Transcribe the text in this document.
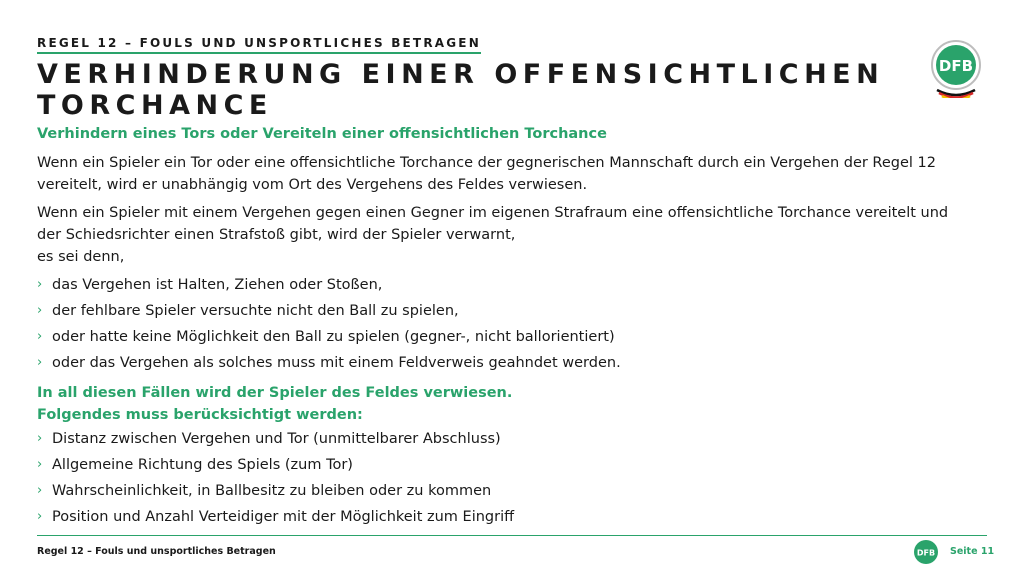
REGEL 12 – FOULS UND UNSPORTLICHES BETRAGEN
VERHINDERUNG EINER OFFENSICHTLICHEN
TORCHANCE
DFB
Verhindern eines Tors oder Vereiteln einer offensichtlichen Torchance
Wenn ein Spieler ein Tor oder eine offensichtliche Torchance der gegnerischen Mannschaft durch ein Vergehen der Regel 12
vereitelt, wird er unabhängig vom Ort des Vergehens des Feldes verwiesen.
Wenn ein Spieler mit einem Vergehen gegen einen Gegner im eigenen Strafraum eine offensichtliche Torchance vereitelt und
der Schiedsrichter einen Strafstoß gibt, wird der Spieler verwarnt,
es sei denn,
› das Vergehen ist Halten, Ziehen oder Stoßen,
› der fehlbare Spieler versuchte nicht den Ball zu spielen,
› oder hatte keine Möglichkeit den Ball zu spielen (gegner-, nicht ballorientiert)
› oder das Vergehen als solches muss mit einem Feldverweis geahndet werden.
In all diesen Fällen wird der Spieler des Feldes verwiesen.
Folgendes muss berücksichtigt werden:
› Distanz zwischen Vergehen und Tor (unmittelbarer Abschluss)
› Allgemeine Richtung des Spiels (zum Tor)
› Wahrscheinlichkeit, in Ballbesitz zu bleiben oder zu kommen
› Position und Anzahl Verteidiger mit der Möglichkeit zum Eingriff
Regel 12 – Fouls und unsportliches Betragen	DFB Seite 11
